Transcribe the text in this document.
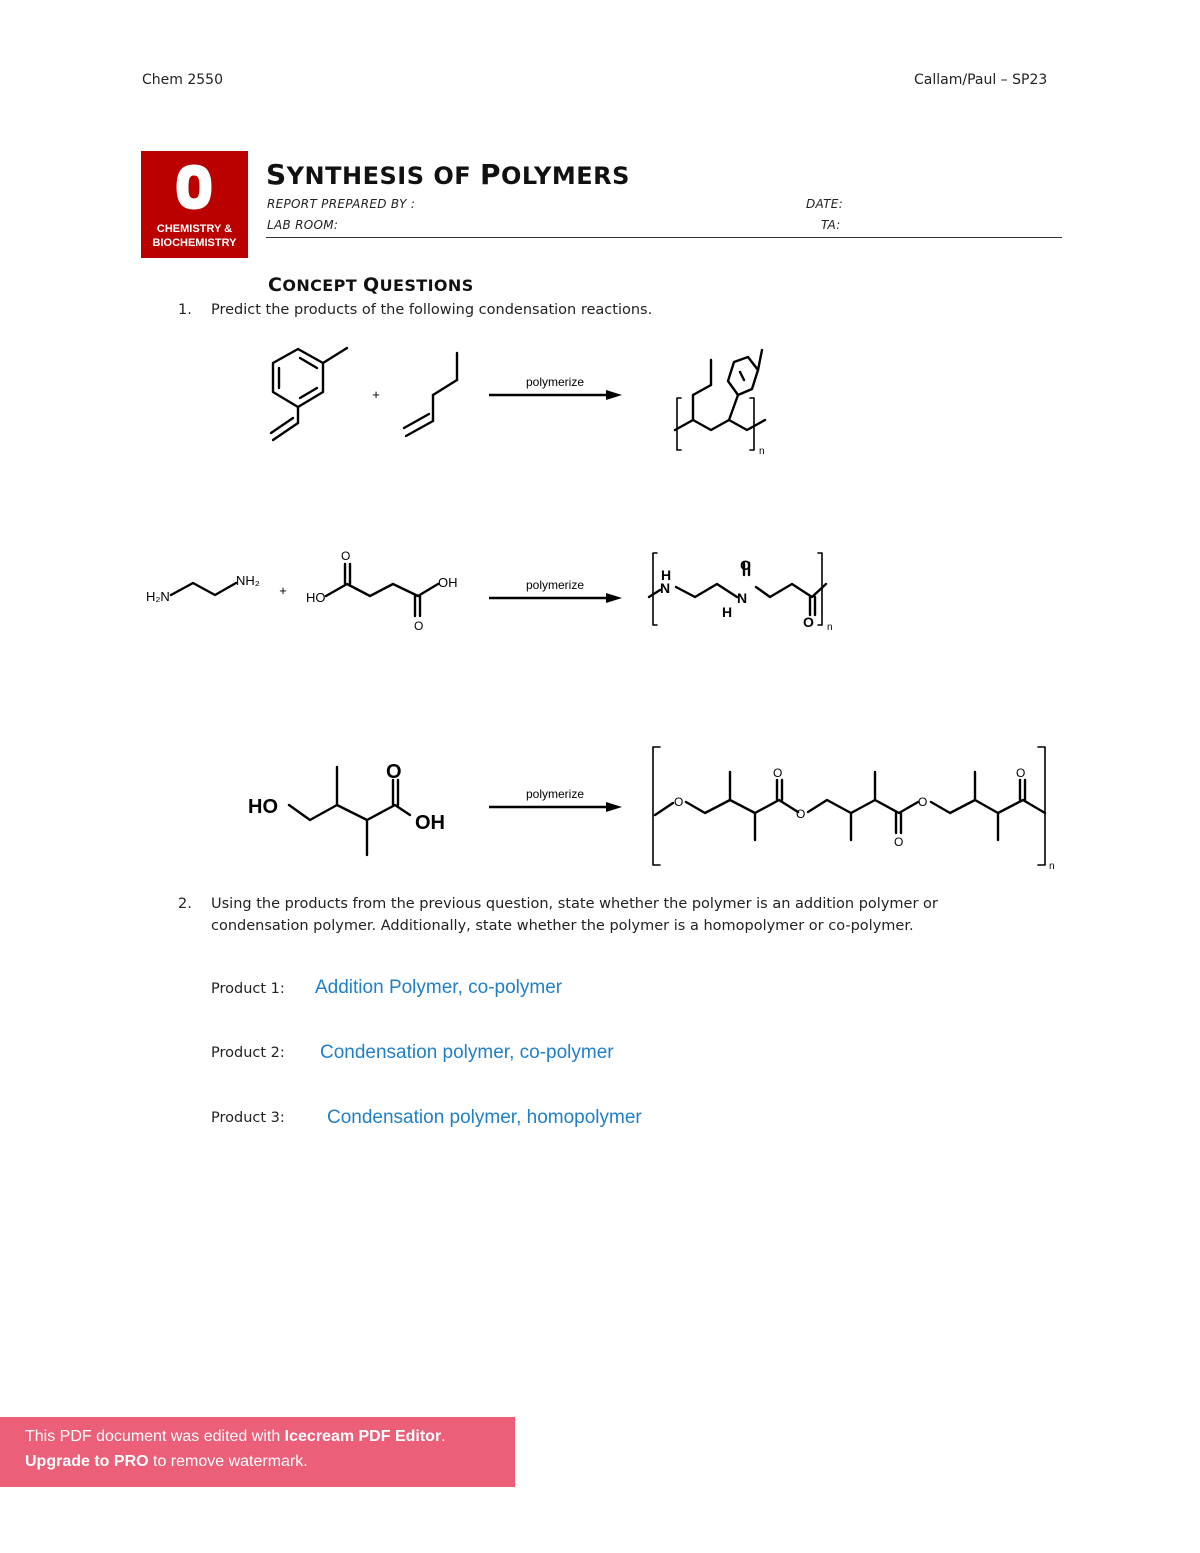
Chem 2550	Callam/Paul – SP23
CHEMISTRY &
BIOCHEMISTRY
SYNTHESIS OF POLYMERS
REPORT PREPARED BY :
LAB ROOM:
DATE:
TA:
CONCEPT QUESTIONS
1. Predict the products of the following condensation reactions.
polymerize
polymerize
polymerize
+
+
n
n
n
H₂N
NH₂
HO
OH
O
O
H
N
N
H
O
O
HO
O
OH
O
O
O
O
O
O
2. Using the products from the previous question, state whether the polymer is an addition polymer or
condensation polymer. Additionally, state whether the polymer is a homopolymer or co-polymer.
Product 1: Addition Polymer, co-polymer
Product 2: Condensation polymer, co-polymer
Product 3: Condensation polymer, homopolymer
This PDF document was edited with Icecream PDF Editor.
Upgrade to PRO to remove watermark.
